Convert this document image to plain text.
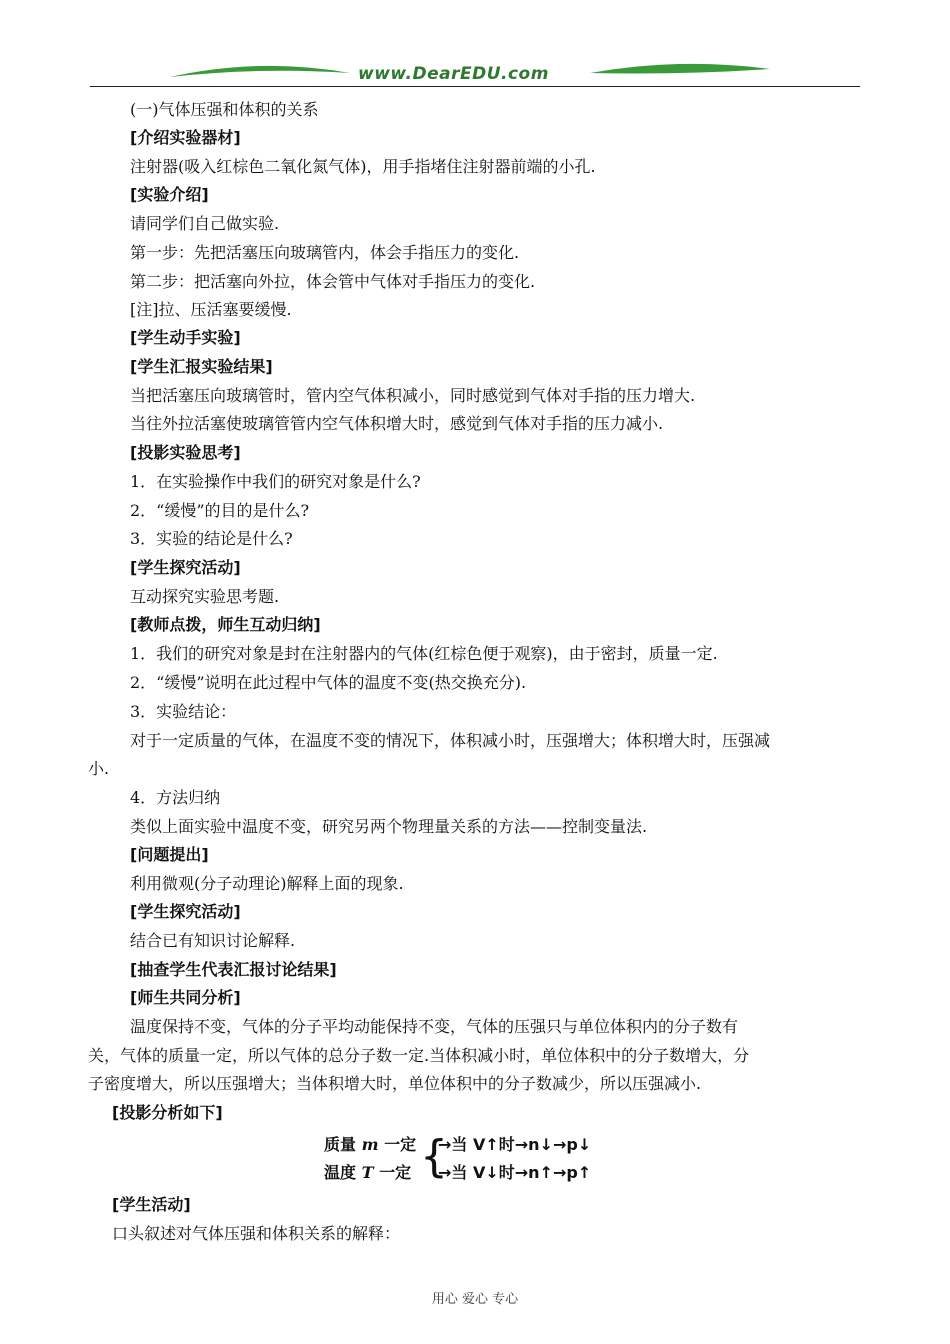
www.DearEDU.com
(一)气体压强和体积的关系
[介绍实验器材]
注射器(吸入红棕色二氧化氮气体)，用手指堵住注射器前端的小孔.
[实验介绍]
请同学们自己做实验.
第一步：先把活塞压向玻璃管内，体会手指压力的变化.
第二步：把活塞向外拉，体会管中气体对手指压力的变化.
[注]拉、压活塞要缓慢.
[学生动手实验]
[学生汇报实验结果]
当把活塞压向玻璃管时，管内空气体积减小，同时感觉到气体对手指的压力增大.
当往外拉活塞使玻璃管管内空气体积增大时，感觉到气体对手指的压力减小.
[投影实验思考]
1．在实验操作中我们的研究对象是什么?
2．“缓慢”的目的是什么?
3．实验的结论是什么?
[学生探究活动]
互动探究实验思考题.
[教师点拨，师生互动归纳]
1．我们的研究对象是封在注射器内的气体(红棕色便于观察)，由于密封，质量一定.
2．“缓慢”说明在此过程中气体的温度不变(热交换充分).
3．实验结论：
对于一定质量的气体，在温度不变的情况下，体积减小时，压强增大；体积增大时，压强减
小.
4．方法归纳
类似上面实验中温度不变，研究另两个物理量关系的方法——控制变量法.
[问题提出]
利用微观(分子动理论)解释上面的现象.
[学生探究活动]
结合已有知识讨论解释.
[抽查学生代表汇报讨论结果]
[师生共同分析]
温度保持不变，气体的分子平均动能保持不变，气体的压强只与单位体积内的分子数有
关，气体的质量一定，所以气体的总分子数一定.当体积减小时，单位体积中的分子数增大，分
子密度增大，所以压强增大；当体积增大时，单位体积中的分子数减少，所以压强减小.
[投影分析如下]
质量 m 一定
温度 T 一定 {
→当 V↑时→n↓→p↓
→当 V↓时→n↑→p↑
[学生活动]
口头叙述对气体压强和体积关系的解释：
用心 爱心 专心
